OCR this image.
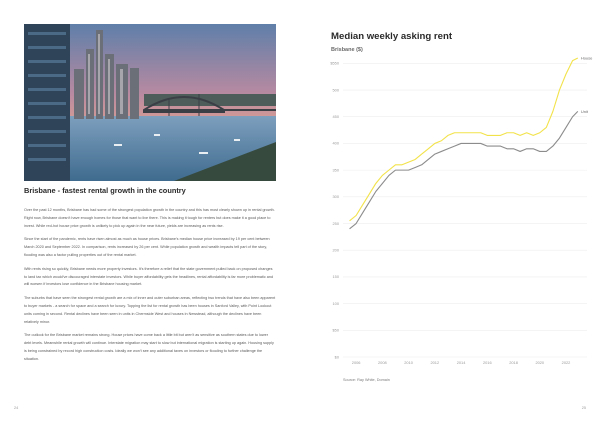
Brisbane - fastest rental growth in the country

Over the past 12 months, Brisbane has had some of the strongest population growth in the country and this has most clearly shown up in rental growth. Right now, Brisbane doesn't have enough homes for those that want to live there. This is making it tough for renters but does make it a good place to invest. While red-hot house price growth is unlikely to pick up again in the near future, yields are increasing as rents rise.

Since the start of the pandemic, rents have risen almost as much as house prices. Brisbane's median house price increased by 19 per cent between March 2020 and September 2022. In comparison, rents increased by 26 per cent. While population growth and wealth impacts tell part of the story, flooding was also a factor pulling properties out of the rental market.

With rents rising so quickly, Brisbane needs more property investors. It's therefore a relief that the state government pulled back on proposed changes to land tax which would've discouraged interstate investors. While buyer affordability gets the headlines, rental affordability is far more problematic and will worsen if investors lose confidence in the Brisbane housing market.

The suburbs that have seen the strongest rental growth are a mix of inner and outer suburban areas, reflecting two trends that have also been apparent to buyer markets - a search for space and a search for luxury. Topping the list for rental growth has been houses in Sanford Valley, with Point Lookout units coming in second. Rental declines have been seen in units in Chermside West and houses in Newstead, although the declines have been relatively minor.

The outlook for the Brisbane market remains strong. House prices have come back a little bit but aren't as sensitive as southern states due to lower debt levels. Meanwhile rental growth will continue. Interstate migration may start to slow but international migration is starting up again. Housing supply is being constrained by record high construction costs. Ideally we won't see any additional taxes on investors or flooding to further challenge the situation.

24
Median weekly asking rent
Brisbane ($)
$0
$50
100
150
200
250
300
350
400
450
500
$550
2006	2008	2010	2012	2014	2016	2018	2020	2022
Unit
House
Source: Ray White, Domain
25
